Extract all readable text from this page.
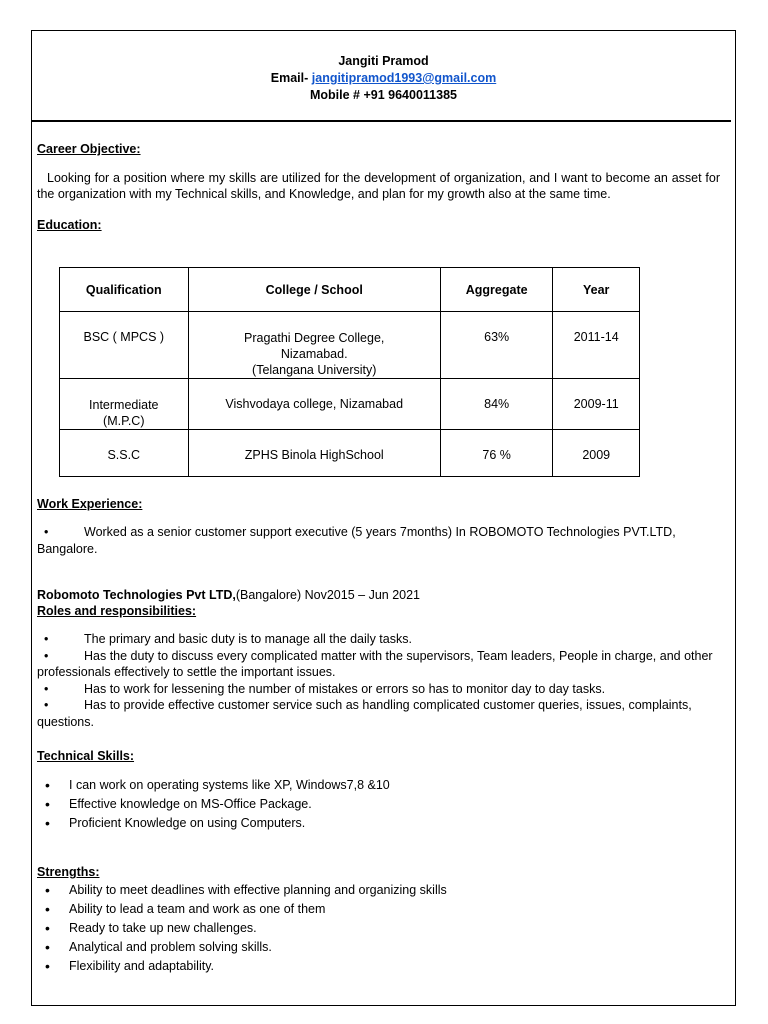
Jangiti Pramod
Email- jangitipramod1993@gmail.com
Mobile # +91 9640011385
Career Objective:
Looking for a position where my skills are utilized for the development of organization, and I want to become an asset for the organization with my Technical skills, and Knowledge, and plan for my growth also at the same time.
Education:
Qualification	College / School	Aggregate	Year
BSC ( MPCS )	Pragathi Degree College,
Nizamabad.
(Telangana University)	63%	2011-14

Intermediate
(M.P.C)	Vishvodaya college, Nizamabad	84%	2009-11
S.S.C	ZPHS Binola HighSchool	76 %	2009
Work Experience:
• Worked as a senior customer support executive (5 years 7months) In ROBOMOTO Technologies PVT.LTD,
Bangalore.
Robomoto Technologies Pvt LTD,(Bangalore) Nov2015 – Jun 2021
Roles and responsibilities:
• The primary and basic duty is to manage all the daily tasks.
• Has the duty to discuss every complicated matter with the supervisors, Team leaders, People in charge, and other professionals effectively to settle the important issues.
• Has to work for lessening the number of mistakes or errors so has to monitor day to day tasks.
• Has to provide effective customer service such as handling complicated customer queries, issues, complaints, questions.
Technical Skills:
• I can work on operating systems like XP, Windows7,8 &10
• Effective knowledge on MS-Office Package.
• Proficient Knowledge on using Computers.
Strengths:
• Ability to meet deadlines with effective planning and organizing skills
• Ability to lead a team and work as one of them
• Ready to take up new challenges.
• Analytical and problem solving skills.
• Flexibility and adaptability.
